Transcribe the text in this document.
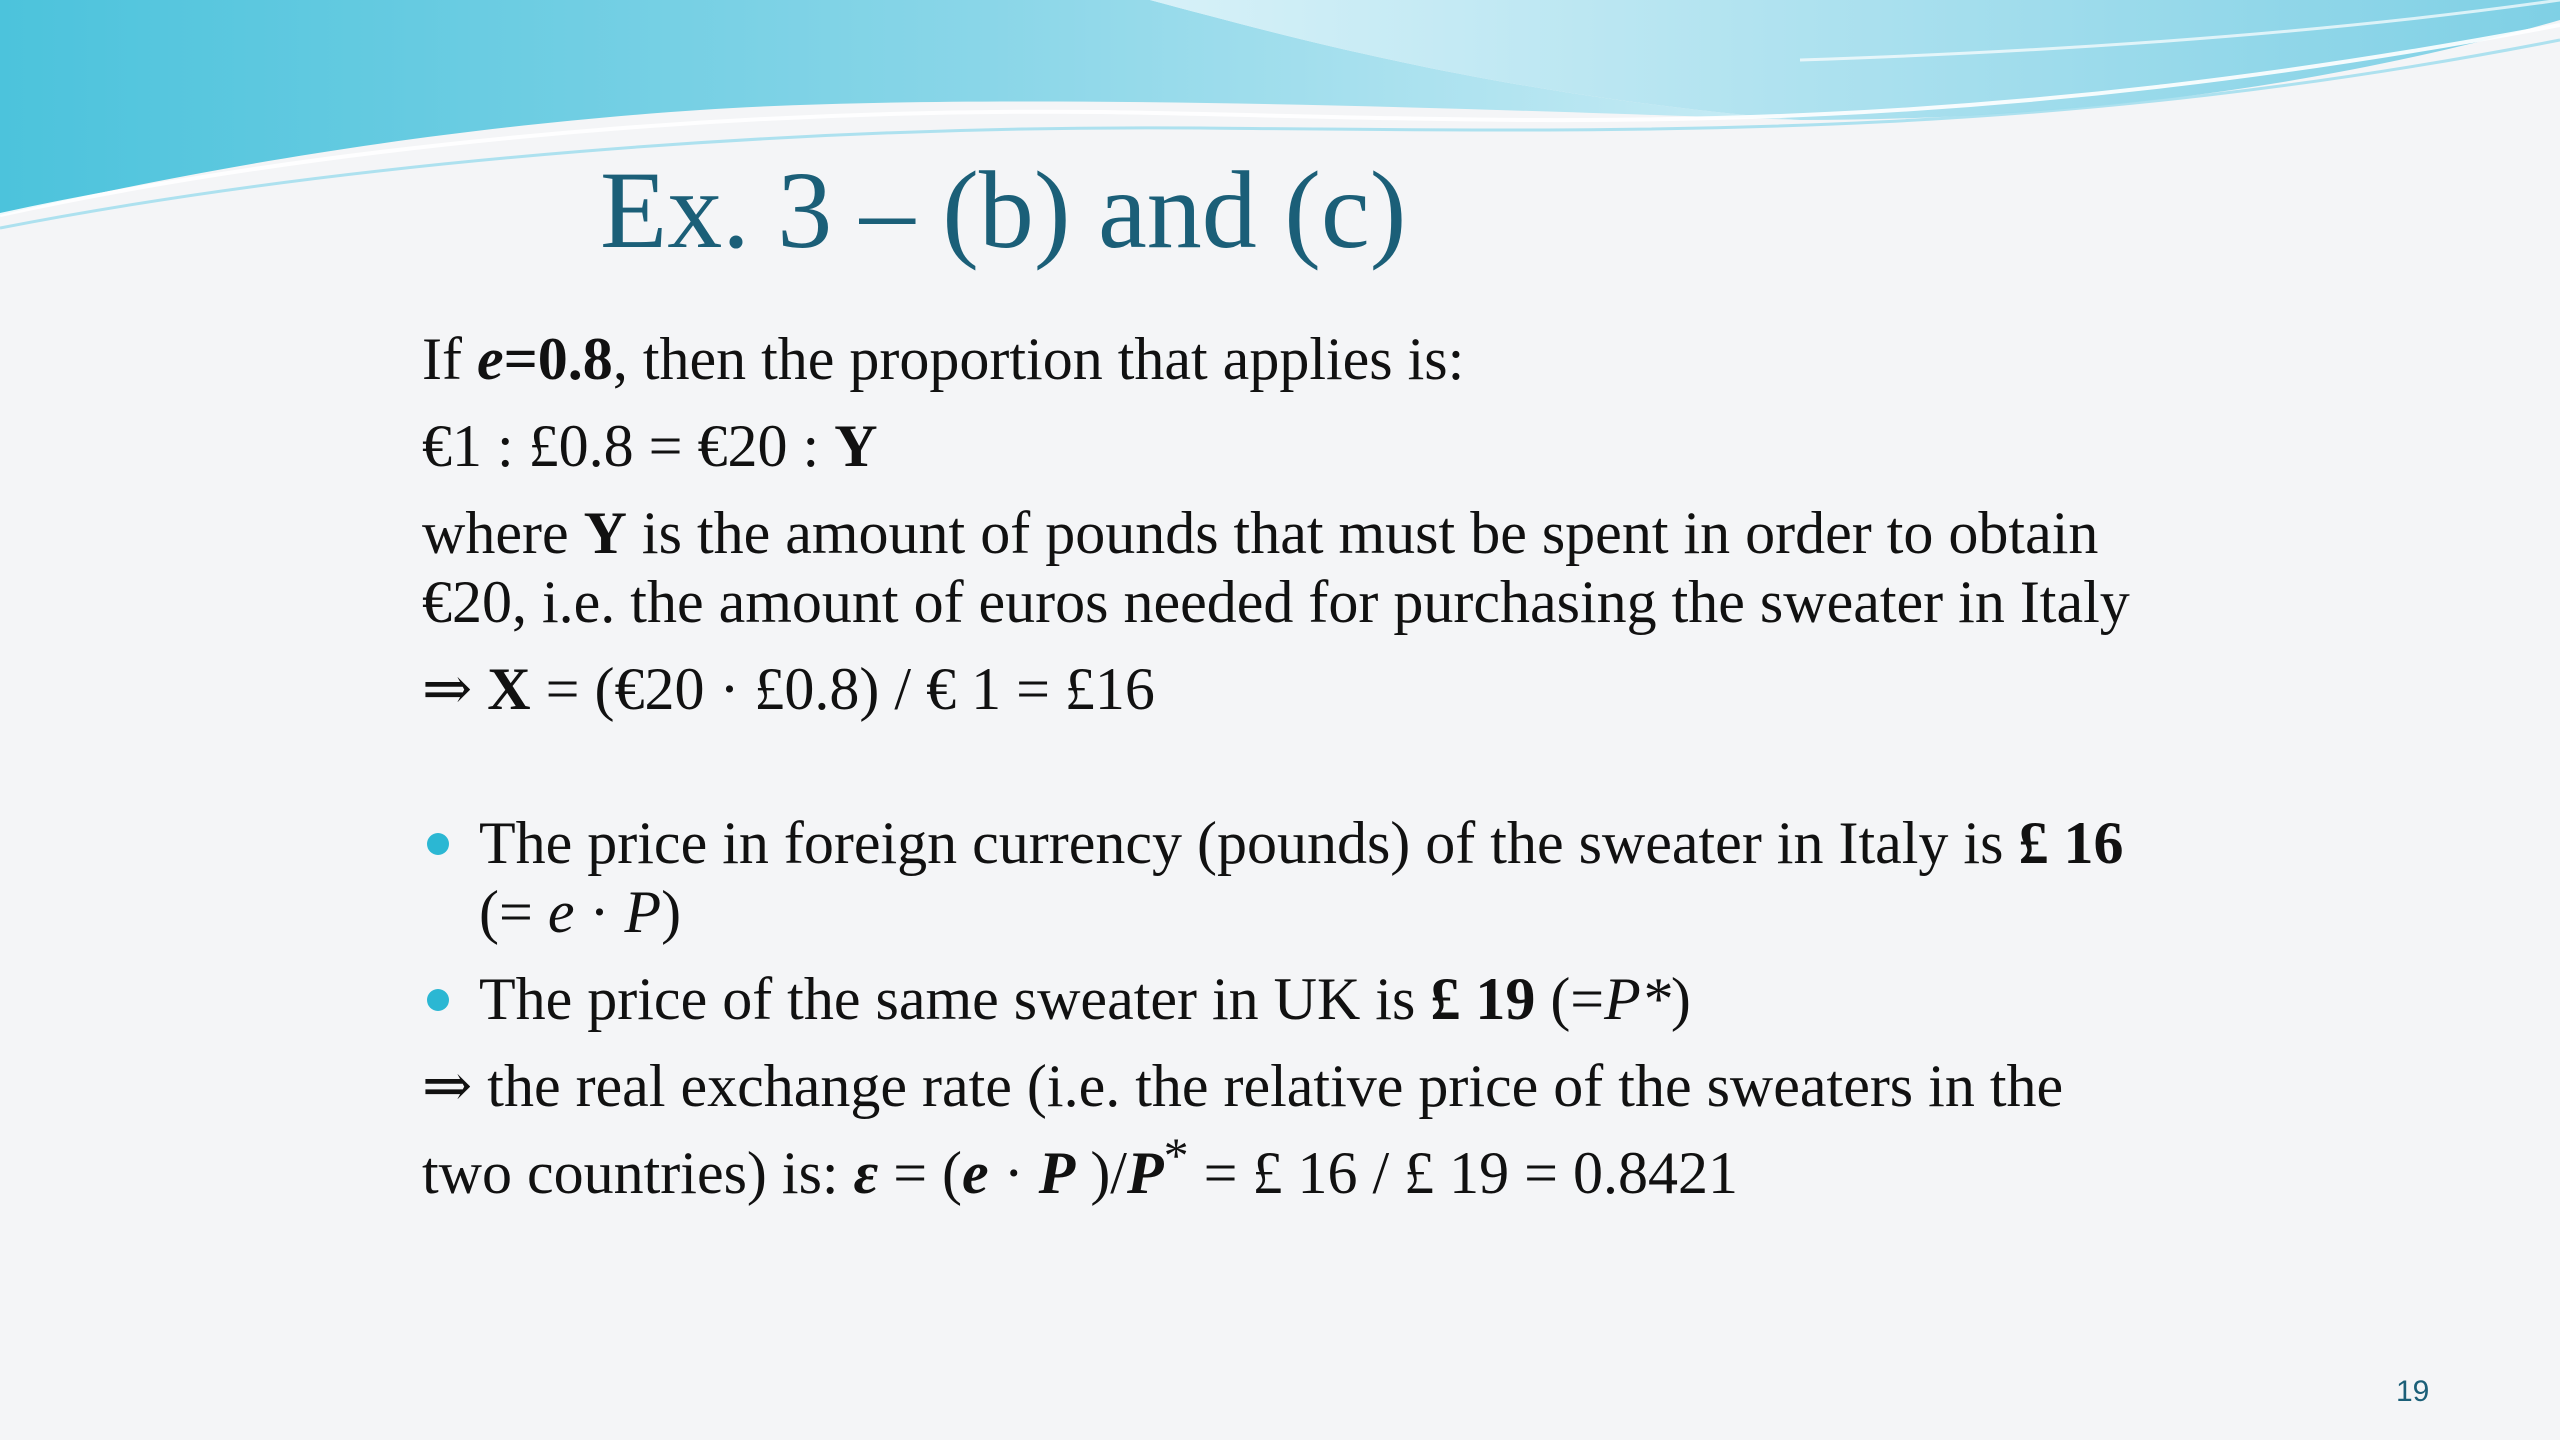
Ex. 3 – (b) and (c)

If e=0.8, then the proportion that applies is:

€1 : £0.8 = €20 : Y

where Y is the amount of pounds that must be spent in order to obtain €20, i.e. the amount of euros needed for purchasing the sweater in Italy

⇒ X = (€20 · £0.8) / € 1 = £16

The price in foreign currency (pounds) of the sweater in Italy is £ 16 (= e · P)
The price of the same sweater in UK is £ 19 (=P*)

⇒ the real exchange rate (i.e. the relative price of the sweaters in the two countries) is: ε = (e · P )/P* = £ 16 / £ 19 = 0.8421

19
